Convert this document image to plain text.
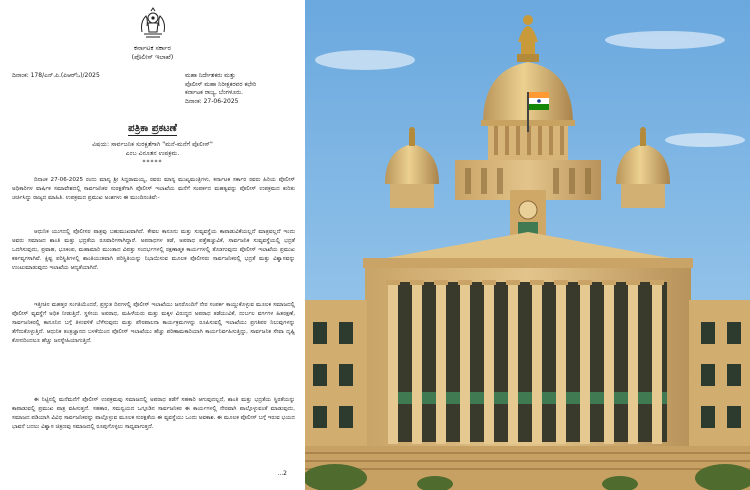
ಕರ್ನಾಟಕ ಸರ್ಕಾರ
(ಪೊಲೀಸ್ ಇಲಾಖೆ)
ದಿನಾಂಕ: 178/ಎನ್.ಪಿ.(ಪಿಆರ್‌ಓ)/2025	ಮಹಾ ನಿರ್ದೇಶಕರು ಮತ್ತು
ಪೊಲೀಸ್ ಮಹಾ ನಿರೀಕ್ಷಕರವರ ಕಛೇರಿ
ಕರ್ನಾಟಕ ರಾಜ್ಯ, ಬೆಂಗಳೂರು.
ದಿನಾಂಕ: 27-06-2025
ಪತ್ರಿಕಾ ಪ್ರಕಟಣೆ
ವಿಷಯ: ಸಾರ್ವಜನಿಕ ಸುರಕ್ಷತೆಗಾಗಿ "ಮನೆ-ಮನೆಗೆ ಪೊಲೀಸ್"
ಎಂಬ ವಿನೂತನ ಉಪಕ್ರಮ.
*****

ದಿನಾಂಕ 27-06-2025 ರಂದು ಮಾನ್ಯ ಶ್ರೀ ಸಿದ್ದರಾಮಯ್ಯ, ರವರು ಮಾನ್ಯ ಮುಖ್ಯಮಂತ್ರಿಗಳು, ಕರ್ನಾಟಕ ಸರ್ಕಾರ ರವರು ಹಿರಿಯ ಪೊಲೀಸ್ ಅಧಿಕಾರಿಗಳ ವಾರ್ಷಿಕ ಸಮಾವೇಶದಲ್ಲಿ ಸಾರ್ವಜನಿಕರ ಸುರಕ್ಷತೆಗಾಗಿ ಪೊಲೀಸ್ ಇಲಾಖೆಯ ಮನೆಗೆ ಸಂಪರ್ಕದ ಮಹತ್ವವನ್ನು ಪೊಲೀಸ್ ಉಪಕ್ರಮದ ಕುರಿತು ಚರ್ಚಿಸಿದ್ದು ರಾಜ್ಯದ ಮಾಹಿತಿ. ಉಪಕ್ರಮದ ಪ್ರಮುಖ ಅಂಶಗಳು ಈ ಮುಂದಿನಂತಿವೆ:-

ಆಧುನಿಕ ಯುಗದಲ್ಲಿ ಪೊಲೀಸರ ಪಾತ್ರವು ಬಹುಮುಖವಾಗಿದೆ. ಕೇವಲ ಕಾನೂನು ಮತ್ತು ಸುವ್ಯವಸ್ಥೆಯ ಕಾಪಾಡುವಿಕೆಯಲ್ಲದೆ ಮಾತ್ರವಲ್ಲದೆ ಇಂದು ಅವರು ಸಮಾಜದ ಶಾಂತಿ ಮತ್ತು ಭದ್ರತೆಯ ರೂವಾರಿಗಳಾಗಿದ್ದಾರೆ. ಅಪರಾಧಗಳ ತಡೆ, ಅಪರಾಧ ಪತ್ತೆಹಚ್ಚುವಿಕೆ, ಸಾರ್ವಜನಿಕ ಸುವ್ಯವಸ್ಥೆಯಲ್ಲಿ ಭದ್ರತೆ ಒದಗಿಸುವುದು, ಪ್ರವಾಹ, ಭೂಕಂಪ, ಮಹಾಮಾರಿ ಮುಂತಾದ ವಿಪತ್ತು ಸಂದರ್ಭಗಳಲ್ಲಿ ರಕ್ಷಣಾತ್ಮಕ ಕಾರ್ಯಗಳಲ್ಲಿ ತೊಡಗುವುದು ಪೊಲೀಸ್ ಇಲಾಖೆಯ ಪ್ರಮುಖ ಕರ್ತವ್ಯಗಳಾಗಿವೆ. ಕ್ಲಿಷ್ಟ ಪರಿಸ್ಥಿತಿಗಳಲ್ಲಿ ಶಾಂತಿಯುತವಾಗಿ ಪರಿಸ್ಥಿತಿಯನ್ನು ನಿಭಾಯಿಸುವ ಮೂಲಕ ಪೊಲೀಸರು ಸಾರ್ವಜನಿಕರಲ್ಲಿ ಭದ್ರತೆ ಮತ್ತು ವಿಶ್ವಾಸವನ್ನು ಉಂಟುಮಾಡುವುದು ಇಲಾಖೆಯ ಆದ್ಯತೆಯಾಗಿದೆ.

ಇತ್ತೀಚಿನ ಮಹತ್ತರ ಸಂಗತಿಯೆಂದರೆ, ಪ್ರಸ್ತುತ ದಿನಗಳಲ್ಲಿ ಪೊಲೀಸ್ ಇಲಾಖೆಯು ಜನರೊಂದಿಗೆ ನೇರ ಸಂಪರ್ಕ ಕಾಯ್ದುಕೊಳ್ಳುವ ಮೂಲಕ ಸಮಾಜದಲ್ಲಿ ಪೊಲೀಸ್ ವ್ಯವಸ್ಥೆಗೆ ಅಧಿಕ ನೀಡುತ್ತಿದೆ. ಸ್ಥಳೀಯ ಅಪರಾಧ, ಮಹಿಳೆಯರು ಮತ್ತು ಮಕ್ಕಳ ವಿರುದ್ಧದ ಅಪರಾಧ ತಡೆಯುವಿಕೆ, ದುರ್ಬಲ ವರ್ಗಗಳ ಹಿತರಕ್ಷಣೆ, ಸಾರ್ವಜನಿಕರಲ್ಲಿ ಕಾನೂನಿನ ಬಗ್ಗೆ ತಿಳುವಳಿಕೆ ಬೆಳೆಸುವುದು ಮತ್ತು ಪೌರಪಾಲನಾ ಕಾರ್ಯಕ್ರಮಗಳನ್ನು ರೂಪಿಸುವಲ್ಲಿ ಇಲಾಖೆಯು ಪ್ರಗತಿಪರ ನಿಲುವುಗಳನ್ನು ತೆಗೆದುಕೊಳ್ಳುತ್ತಿದೆ. ಆಧುನಿಕ ತಂತ್ರಜ್ಞಾನದ ಬಳಕೆಯಿಂದ ಪೊಲೀಸ್ ಇಲಾಖೆಯು ಹೆಚ್ಚು ಪರಿಣಾಮಕಾರಿಯಾಗಿ ಕಾರ್ಯನಿರ್ವಹಿಸುತ್ತಿದ್ದು, ಸಾರ್ವಜನಿಕ ಸೇವಾ ದೃಷ್ಟಿ ಕೋನದಿಂದಲೂ ಹೆಚ್ಚು ಜನಸ್ನೇಹಿಯಾಗುತ್ತಿದೆ.

ಈ ನಿಟ್ಟಿನಲ್ಲಿ ಮನೆಮನೆಗೆ ಪೊಲೀಸ್ ಉಪಕ್ರಮವು ಸಮಾಜದಲ್ಲಿ ಅಪರಾಧ ತಡೆಗೆ ಸಹಕಾರಿ ಆಗುವುದಲ್ಲದೆ, ಶಾಂತಿ ಮತ್ತು ಭದ್ರತೆಯ ಸ್ಥಿರತೆಯನ್ನು ಕಾಪಾಡುವಲ್ಲಿ ಪ್ರಮುಖ ಪಾತ್ರ ವಹಿಸುತ್ತದೆ. ಸಹಕಾರ, ಸಮನ್ವಯದ ಒಗ್ಗೂಡಿನ ಸಾರ್ವಜನಿಕರ ಈ ಕಾರ್ಯಗಳಲ್ಲಿ ನೇರವಾಗಿ ಪಾಲ್ಗೊಳ್ಳುವಂತೆ ಮಾಡುವುದು, ಸಮಾಜದ ಪಡಿಯಾಗಿ ವಿವಿಧ ಸಾರ್ವಜನಿಕರನ್ನು ಪಾಲ್ಗೊಳ್ಳುವ ಮೂಲಕ ಸುರಕ್ಷತೆಯ ಈ ವ್ಯವಸ್ಥೆಯು ಒಂದು ಅವಕಾಶ. ಈ ಮೂಲಕ ಪೊಲೀಸ್ ಬಗ್ಗೆ ಇರುವ ಭಯದ ಭಾವನೆ ಬದಲು ವಿಶ್ವಾಸ ಚಿತ್ರಣವು ಸಮಾಜದಲ್ಲಿ ರೂಪುಗೊಳ್ಳಲು ಸಾಧ್ಯವಾಗುತ್ತದೆ.

...2
